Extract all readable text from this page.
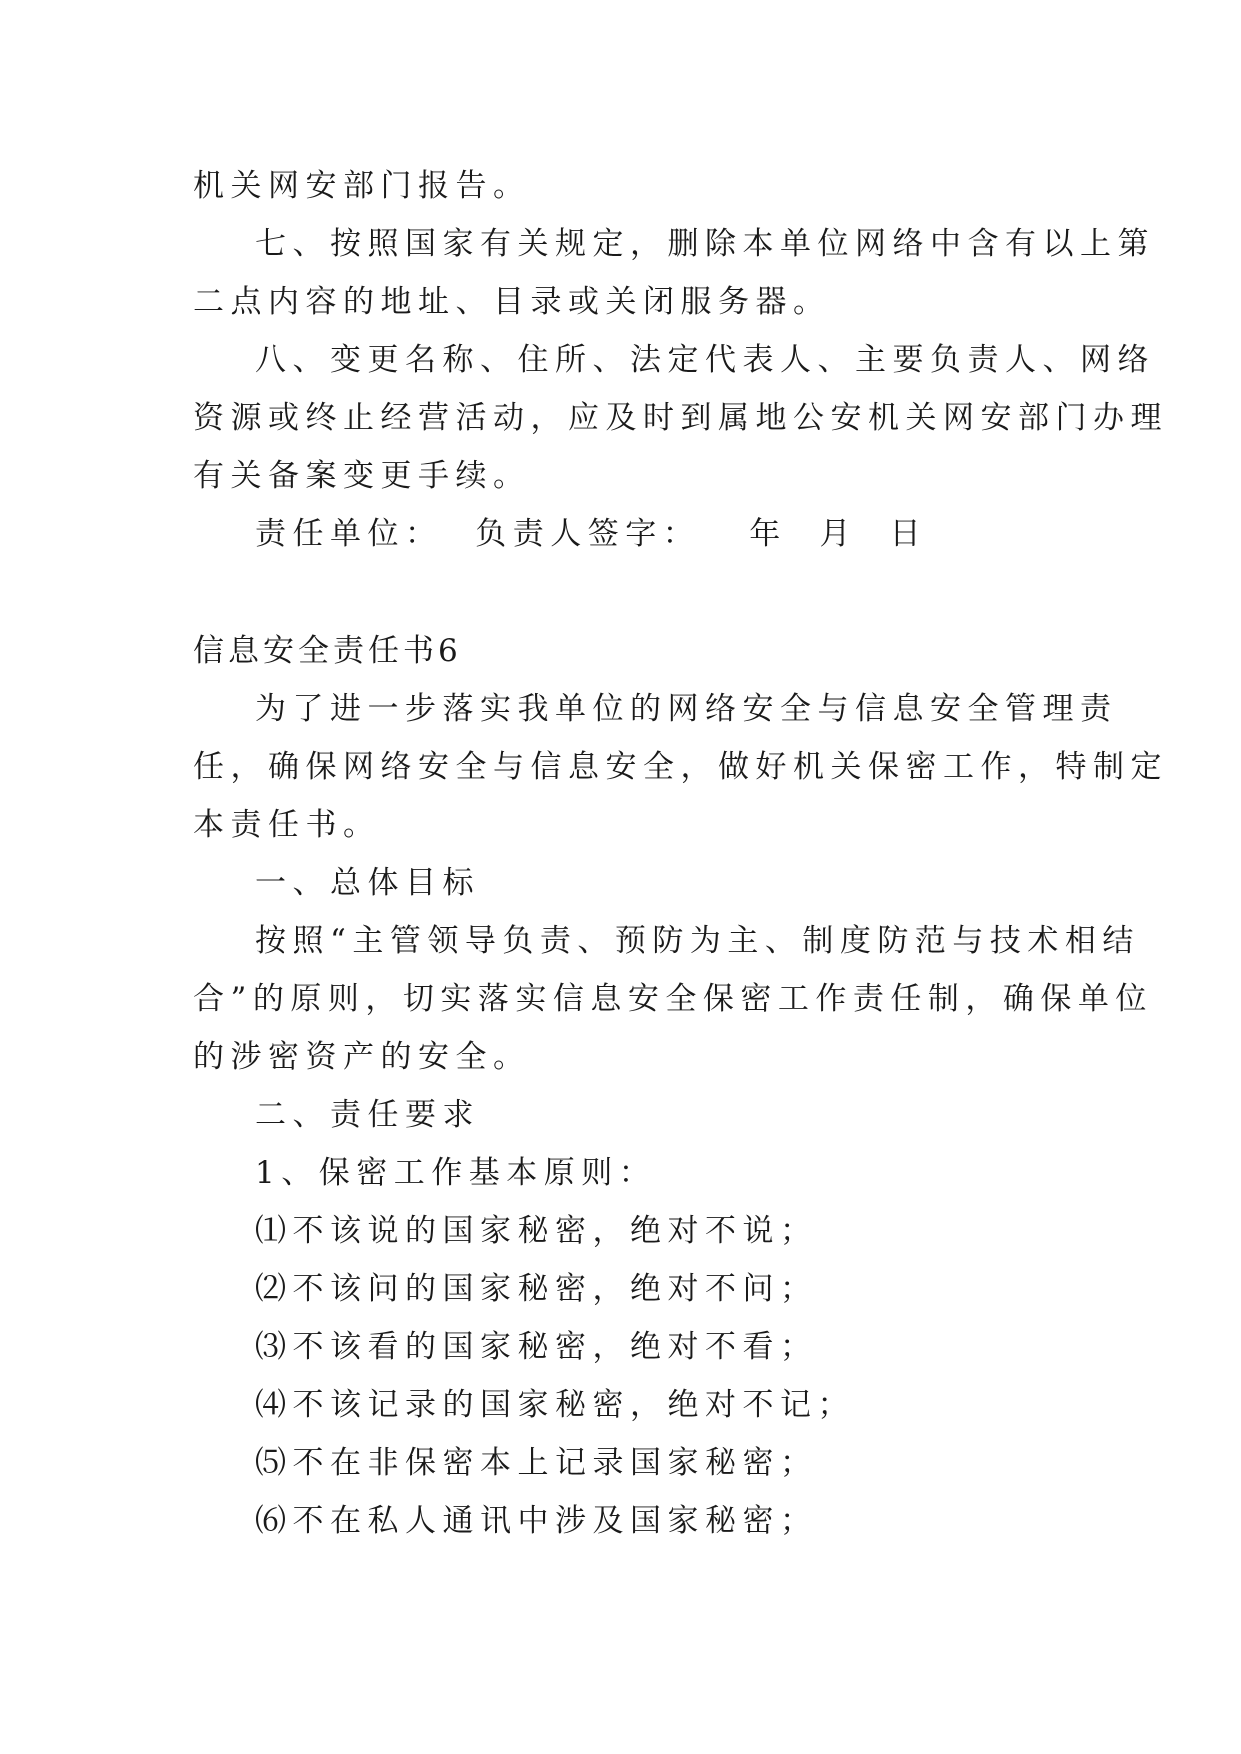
机关网安部门报告。
七、按照国家有关规定，删除本单位网络中含有以上第
二点内容的地址、目录或关闭服务器。
八、变更名称、住所、法定代表人、主要负责人、网络
资源或终止经营活动，应及时到属地公安机关网安部门办理
有关备案变更手续。
责任单位：  负责人签字：   年  月  日
信息安全责任书6
为了进一步落实我单位的网络安全与信息安全管理责
任，确保网络安全与信息安全，做好机关保密工作，特制定
本责任书。
一、总体目标
按照“主管领导负责、预防为主、制度防范与技术相结
合”的原则，切实落实信息安全保密工作责任制，确保单位
的涉密资产的安全。
二、责任要求
1、保密工作基本原则：
⑴不该说的国家秘密，绝对不说；
⑵不该问的国家秘密，绝对不问；
⑶不该看的国家秘密，绝对不看；
⑷不该记录的国家秘密，绝对不记；
⑸不在非保密本上记录国家秘密；
⑹不在私人通讯中涉及国家秘密；
